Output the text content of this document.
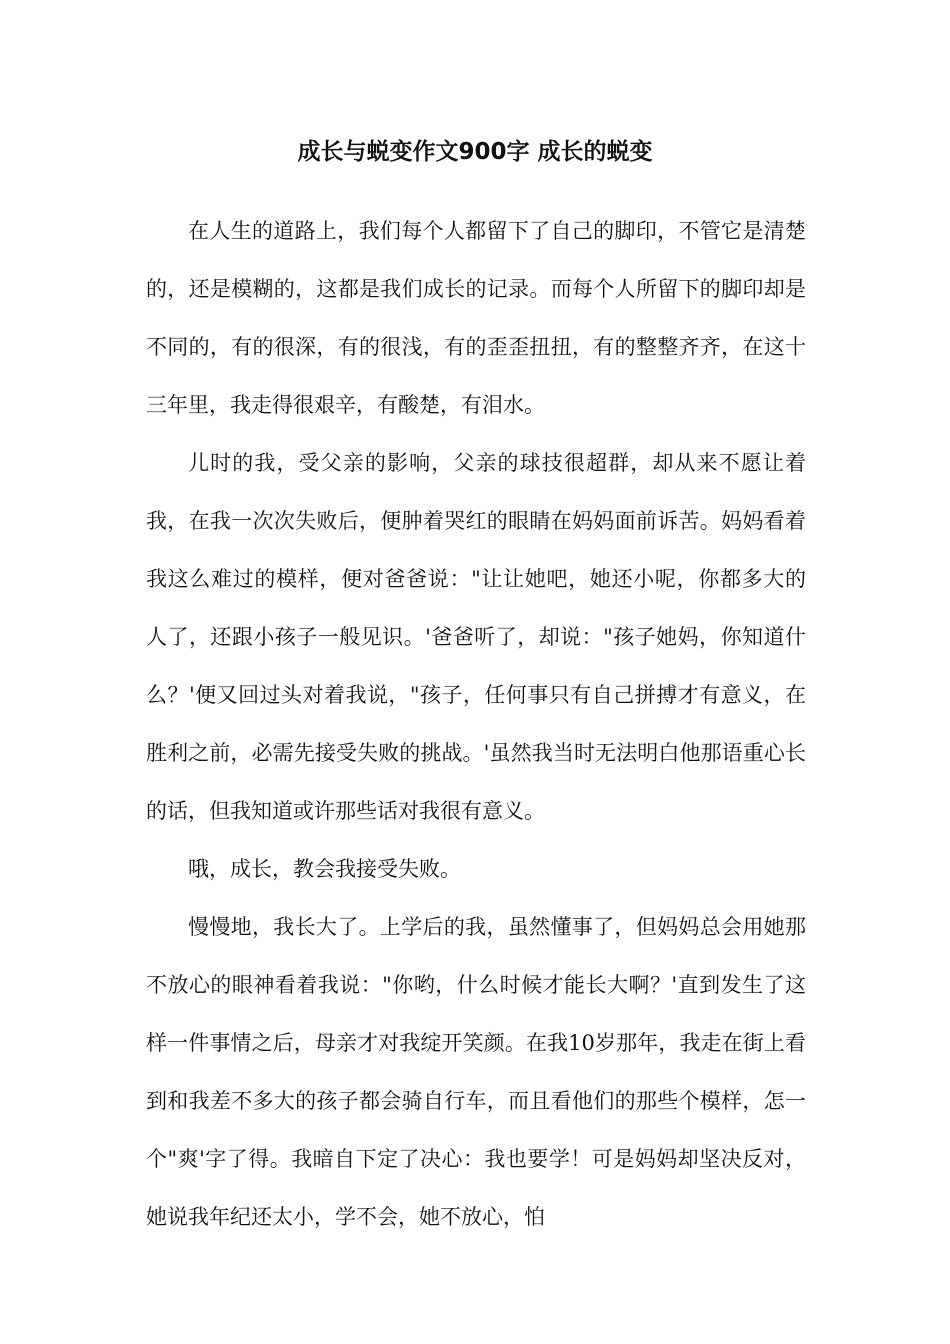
成长与蜕变作文900字 成长的蜕变

在人生的道路上，我们每个人都留下了自己的脚印，不管它是清楚的，还是模糊的，这都是我们成长的记录。而每个人所留下的脚印却是不同的，有的很深，有的很浅，有的歪歪扭扭，有的整整齐齐，在这十三年里，我走得很艰辛，有酸楚，有泪水。

儿时的我，受父亲的影响，父亲的球技很超群，却从来不愿让着我，在我一次次失败后，便肿着哭红的眼睛在妈妈面前诉苦。妈妈看着我这么难过的模样，便对爸爸说："让让她吧，她还小呢，你都多大的人了，还跟小孩子一般见识。'爸爸听了，却说："孩子她妈，你知道什么？'便又回过头对着我说，"孩子，任何事只有自己拼搏才有意义，在胜利之前，必需先接受失败的挑战。'虽然我当时无法明白他那语重心长的话，但我知道或许那些话对我很有意义。

哦，成长，教会我接受失败。

慢慢地，我长大了。上学后的我，虽然懂事了，但妈妈总会用她那不放心的眼神看着我说："你哟，什么时候才能长大啊？'直到发生了这样一件事情之后，母亲才对我绽开笑颜。在我10岁那年，我走在街上看到和我差不多大的孩子都会骑自行车，而且看他们的那些个模样，怎一个"爽'字了得。我暗自下定了决心：我也要学！可是妈妈却坚决反对，她说我年纪还太小，学不会，她不放心，怕
